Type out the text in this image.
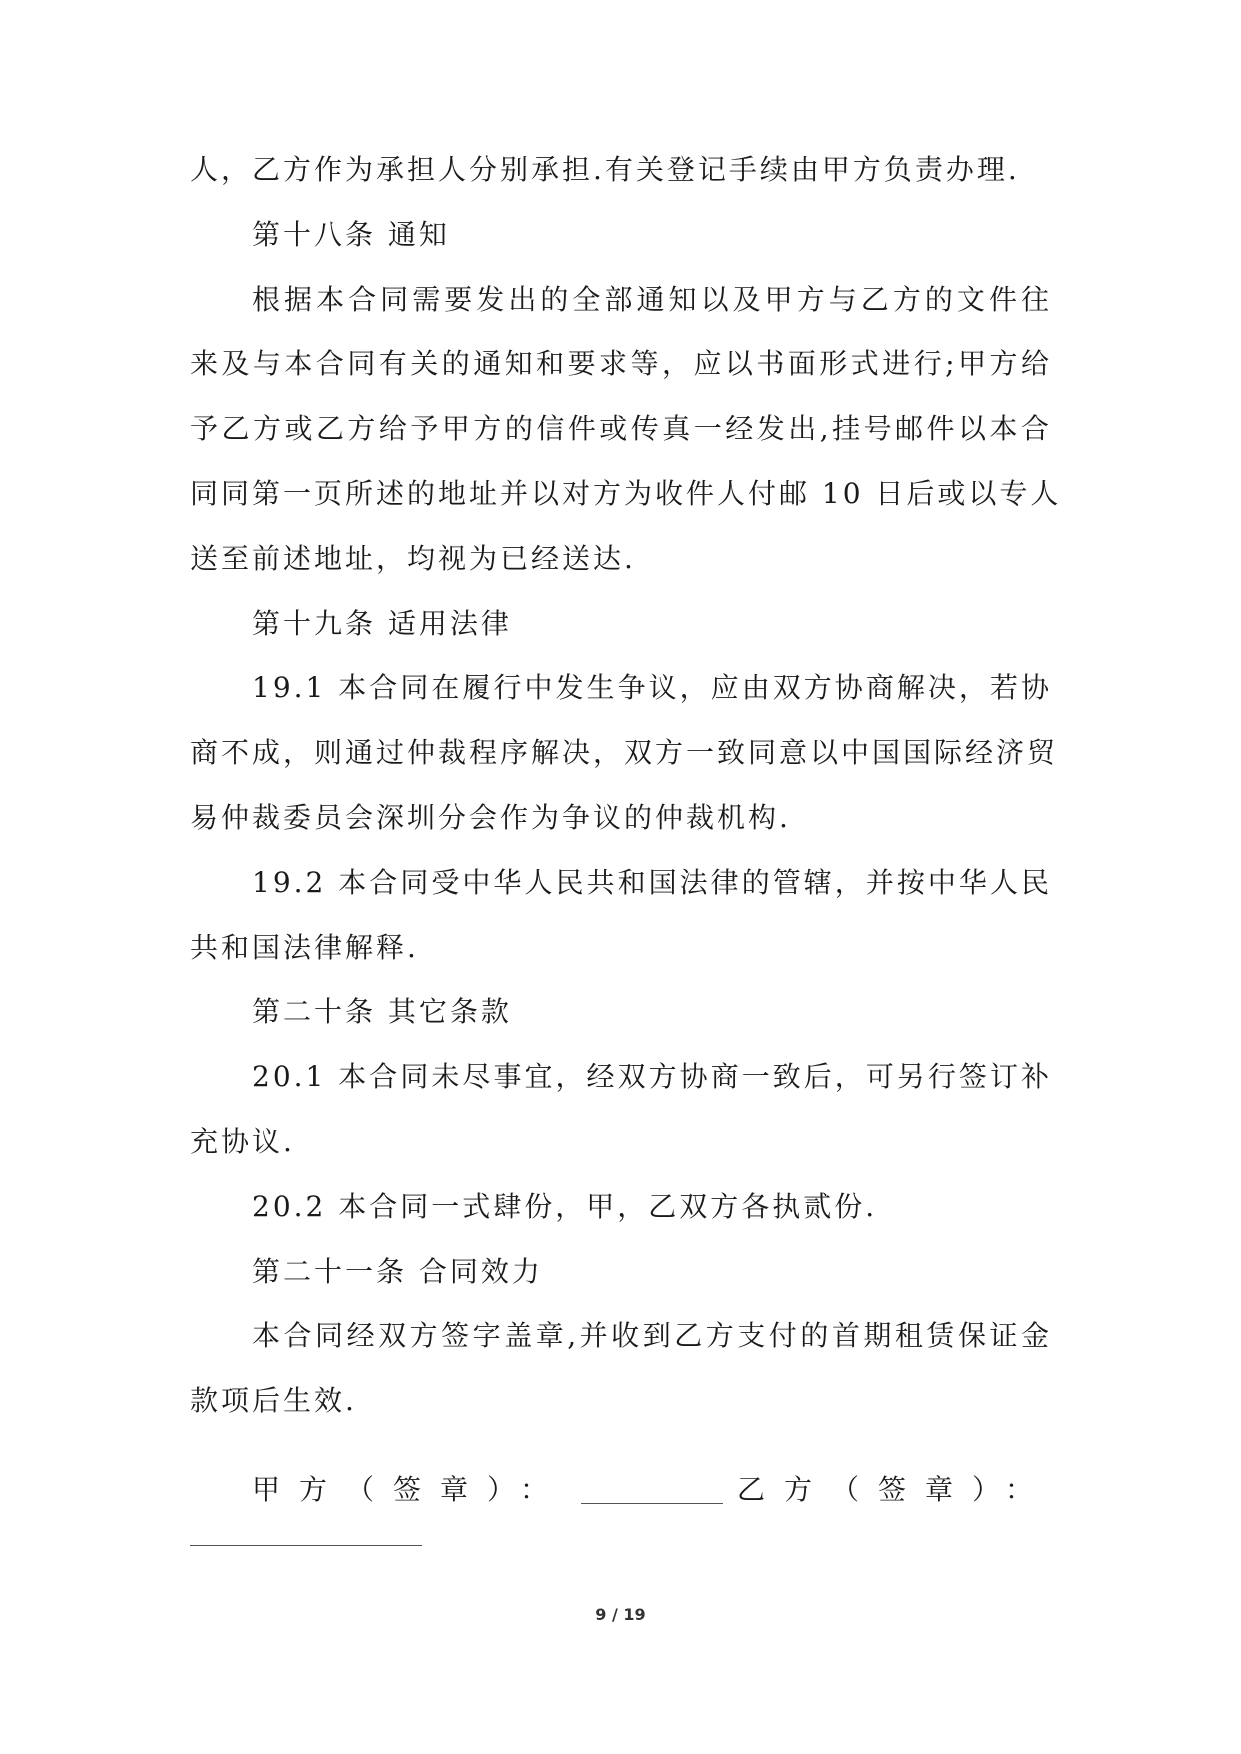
人，乙方作为承担人分别承担.有关登记手续由甲方负责办理.
第十八条 通知
根据本合同需要发出的全部通知以及甲方与乙方的文件往
来及与本合同有关的通知和要求等，应以书面形式进行;甲方给
予乙方或乙方给予甲方的信件或传真一经发出,挂号邮件以本合
同同第一页所述的地址并以对方为收件人付邮 10 日后或以专人
送至前述地址，均视为已经送达.
第十九条 适用法律
19.1 本合同在履行中发生争议，应由双方协商解决，若协
商不成，则通过仲裁程序解决，双方一致同意以中国国际经济贸
易仲裁委员会深圳分会作为争议的仲裁机构.
19.2 本合同受中华人民共和国法律的管辖，并按中华人民
共和国法律解释.
第二十条 其它条款
20.1 本合同未尽事宜，经双方协商一致后，可另行签订补
充协议.
20.2 本合同一式肆份，甲，乙双方各执贰份.
第二十一条 合同效力
本合同经双方签字盖章,并收到乙方支付的首期租赁保证金
款项后生效.
甲方（签章）：	乙方（签章）：
9 / 19
